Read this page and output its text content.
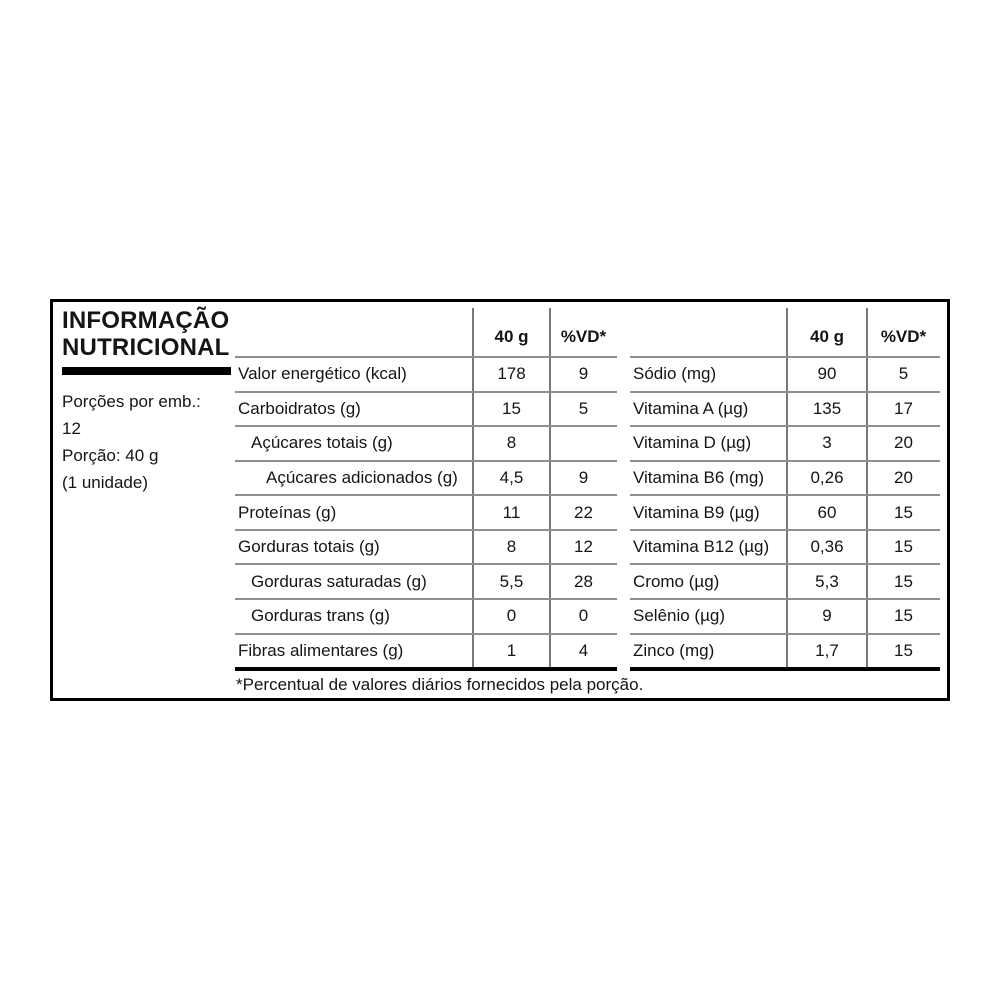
INFORMAÇÃO
NUTRICIONAL
Porções por emb.:
12
Porção: 40 g
(1 unidade)
40 g	%VD*
Valor energético (kcal)	178	9
Carboidratos (g)	15	5
Açúcares totais (g)	8
Açúcares adicionados (g)	4,5	9
Proteínas (g)	11	22
Gorduras totais (g)	8	12
Gorduras saturadas (g)	5,5	28
Gorduras trans (g)	0	0
Fibras alimentares (g)	1	4
40 g	%VD*
Sódio (mg)	90	5
Vitamina A (µg)	135	17
Vitamina D (µg)	3	20
Vitamina B6 (mg)	0,26	20
Vitamina B9 (µg)	60	15
Vitamina B12 (µg)	0,36	15
Cromo (µg)	5,3	15
Selênio (µg)	9	15
Zinco (mg)	1,7	15
*Percentual de valores diários fornecidos pela porção.
